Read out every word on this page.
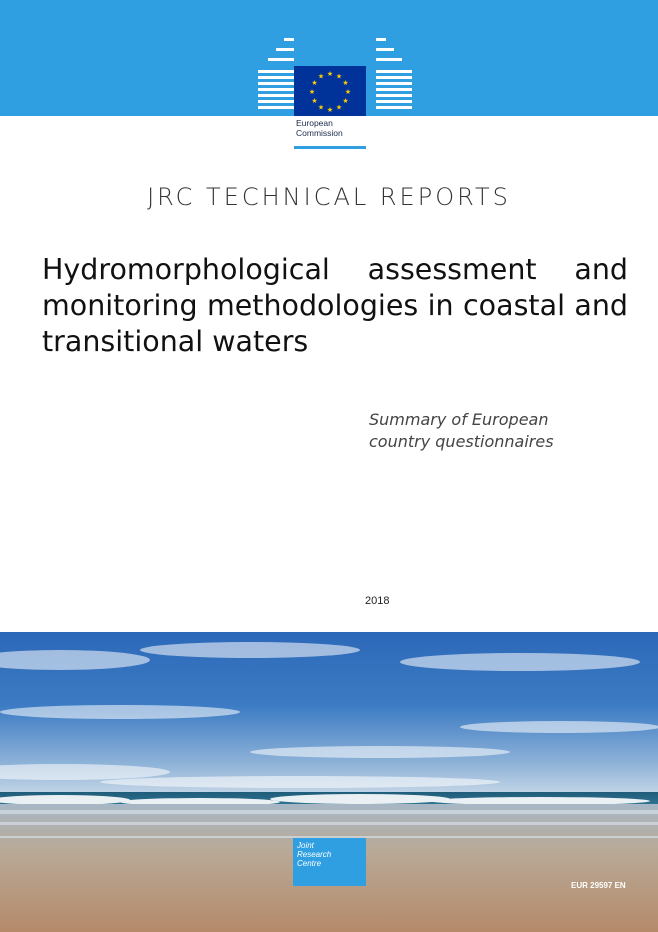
★ ★
★
★
★
★
★
★
★
★
★
★
European
Commission
JRC TECHNICAL REPORTS
Hydromorphological assessment and monitoring methodologies in coastal and transitional waters
Summary of European
country questionnaires
2018
Joint
Research
Centre
EUR 29597 EN
